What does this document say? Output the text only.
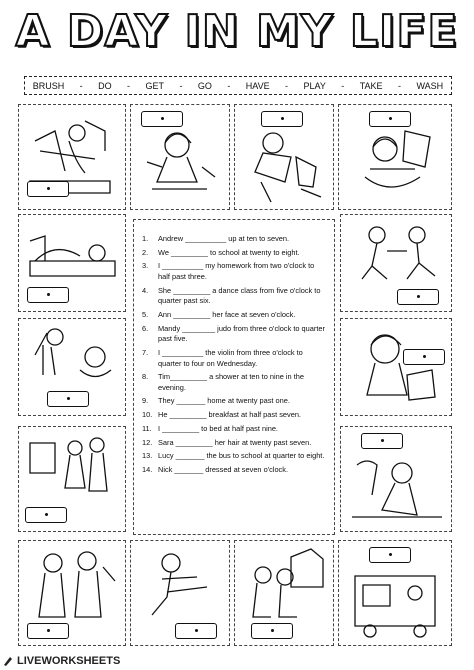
A DAY IN MY LIFE
BRUSH - DO - GET - GO - HAVE - PLAY - TAKE - WASH
1.	Andrew __________ up at ten to seven.
2.	We _________ to school at twenty to eight.
3.	I __________ my homework from two o'clock to half past three.
4.	She _________ a dance class from five o'clock to quarter past six.
5.	Ann _________ her face at seven o'clock.
6.	Mandy ________ judo from three o'clock to quarter past five.
7.	I __________ the violin from three o'clock to quarter to four on Wednesday.
8.	Tim_________ a shower at ten to nine in the evening.
9.	They _______ home at twenty past one.
10. He _________ breakfast at half past seven.
11. I _________ to bed at half past nine.
12. Sara _________ her hair at twenty past seven.
13. Lucy _______ the bus to school at quarter to eight.
14. Nick _______ dressed at seven o'clock.
LIVEWORKSHEETS
